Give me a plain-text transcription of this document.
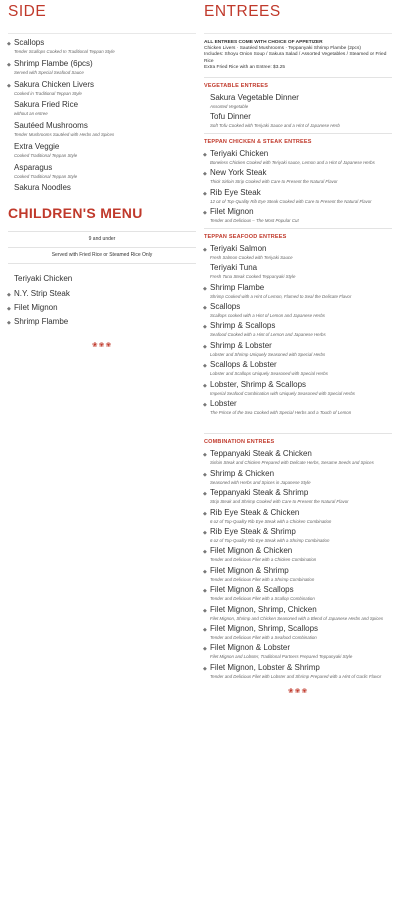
SIDE
◆ Scallops
Tender Scallops Cooked In Traditional Teppan Style
◆ Shrimp Flambe (6pcs)
Served with Special Seafood Sauce
◆ Sakura Chicken Livers
Cooked in Traditional Teppan Style
Sakura Fried Rice
without an entree
Sautéed Mushrooms
Tender Mushrooms Sautéed with Herbs and Spices
Extra Veggie
Cooked Traditional Teppan Style
Asparagus
Cooked Traditional Teppan Style
Sakura Noodles
CHILDREN'S MENU
9 and under
Served with Fried Rice or Steamed Rice Only
Teriyaki Chicken
◆ N.Y. Strip Steak
◆ Filet Mignon
◆ Shrimp Flambe
❀❀❀
ENTREES

ALL ENTREES COME WITH CHOICE OF APPETIZER

Chicken Livers · Sautéed Mushrooms · Teppanyaki Shrimp Flambe (2pcs)

Includes: Shoyu Onion Soup / Sakura Salad / Assorted Vegetables / Steamed or Fried Rice

Extra Fried Rice with an Entree: $3.25

VEGETABLE ENTREES
Sakura Vegetable Dinner
Assorted Vegetable
Tofu Dinner
Soft Tofu Cooked with Teriyaki Sauce and a Hint of Japanese Herb
TEPPAN CHICKEN & STEAK ENTREES
◆ Teriyaki Chicken
Boneless Chicken Cooked with Teriyaki sauce, Lemon and a Hint of Japanese Herbs
◆ New York Steak
Thick Sirloin Strip Cooked with Care to Present the Natural Flavor
◆ Rib Eye Steak
12 oz of Top-Quality Rib Eye Steak Cooked with Care to Present the Natural Flavor
◆ Filet Mignon
Tender and Delicious – The Most Popular Cut
TEPPAN SEAFOOD ENTREES
◆ Teriyaki Salmon
Fresh Salmon Cooked with Teriyaki Sauce
Teriyaki Tuna
Fresh Tuna Steak Cooked Teppanyaki Style
◆ Shrimp Flambe
Shrimp Cooked with a Hint of Lemon, Flamed to Seal the Delicate Flavor
◆ Scallops
Scallops cooked with a Hint of Lemon and Japanese Herbs
◆ Shrimp & Scallops
Seafood Cooked with a Hint of Lemon and Japanese Herbs
◆ Shrimp & Lobster
Lobster and Shrimp Uniquely Seasoned with Special Herbs
◆ Scallops & Lobster
Lobster and Scallops Uniquely Seasoned with Special Herbs
◆ Lobster, Shrimp & Scallops
Imperial Seafood Combination with Uniquely Seasoned with Special Herbs
◆ Lobster
The Prince of the Sea Cooked with Special Herbs and a Touch of Lemon
COMBINATION ENTREES
◆ Teppanyaki Steak & Chicken
Sirloin Steak and Chicken Prepared with Delicate Herbs, Sesame Seeds and Spices
◆ Shrimp & Chicken
Seasoned with Herbs and Spices in Japanese Style
◆ Teppanyaki Steak & Shrimp
Strip Steak and Shrimp Cooked with Care to Present the Natural Flavor
◆ Rib Eye Steak & Chicken
6 oz of Top-Quality Rib Eye Steak with a Chicken Combination
◆ Rib Eye Steak & Shrimp
6 oz of Top-Quality Rib Eye Steak with a Shrimp Combination
◆ Filet Mignon & Chicken
Tender and Delicious Filet with a Chicken Combination
◆ Filet Mignon & Shrimp
Tender and Delicious Filet with a Shrimp Combination
◆ Filet Mignon & Scallops
Tender and Delicious Filet with a Scallop Combination
◆ Filet Mignon, Shrimp, Chicken
Filet Mignon, Shrimp and Chicken Seasoned with a Blend of Japanese Herbs and Spices
◆ Filet Mignon, Shrimp, Scallops
Tender and Delicious Filet with a Seafood Combination
◆ Filet Mignon & Lobster
Filet Mignon and Lobster, Traditional Partners Prepared Teppanyaki Style
◆ Filet Mignon, Lobster & Shrimp
Tender and Delicious Filet with Lobster and Shrimp Prepared with a Hint of Garlic Flavor
❀❀❀
